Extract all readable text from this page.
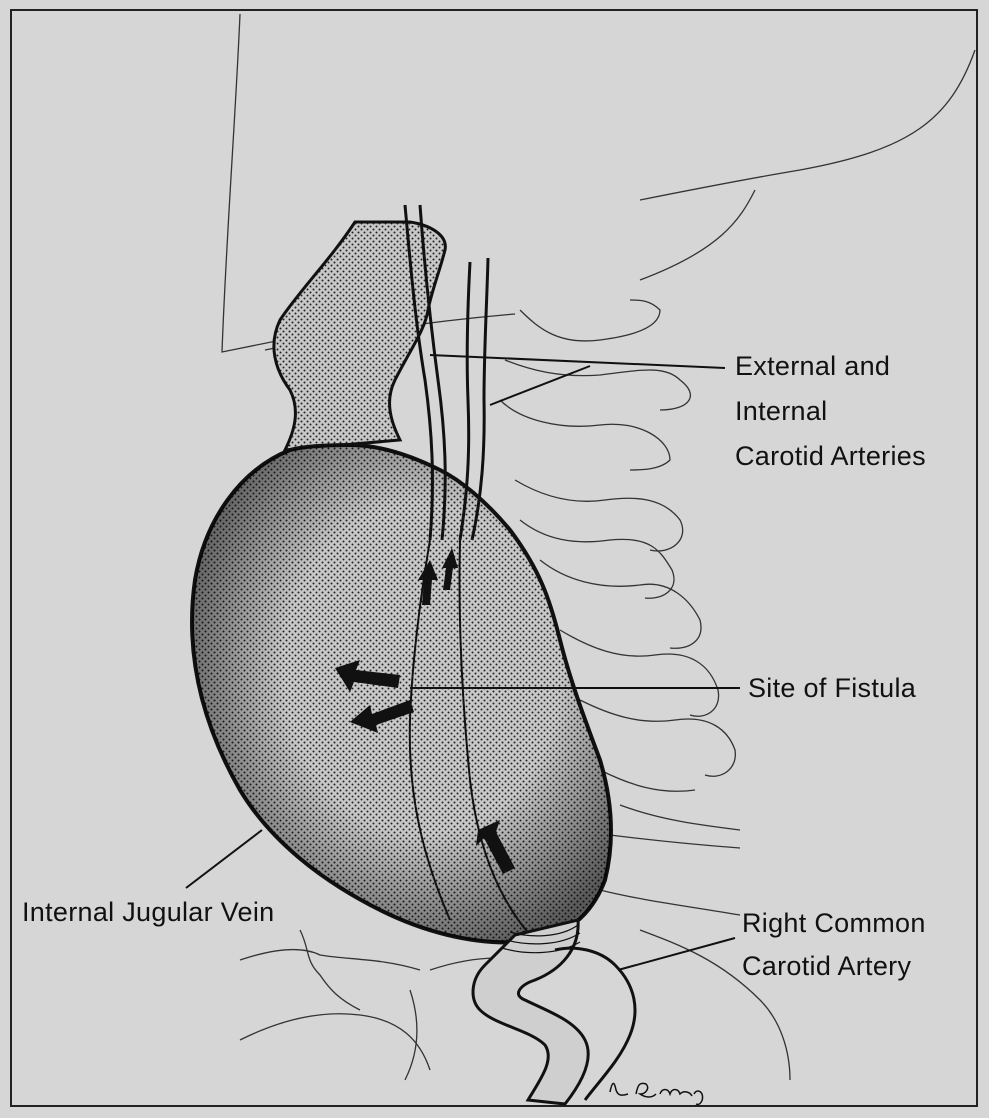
External and
Internal
Carotid Arteries
Site of Fistula
Internal Jugular Vein	Right Common
Carotid Artery
